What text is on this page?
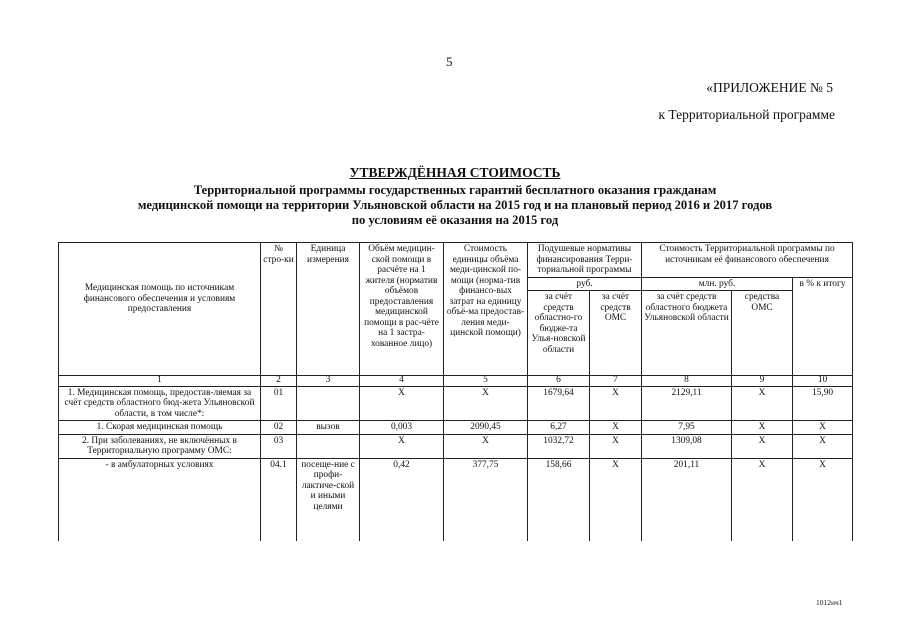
5
«ПРИЛОЖЕНИЕ № 5
к Территориальной программе
УТВЕРЖДЁННАЯ СТОИМОСТЬ
Территориальной программы государственных гарантий бесплатного оказания гражданам
медицинской помощи на территории Ульяновской области на 2015 год и на плановый период 2016 и 2017 годов
по условиям её оказания на 2015 год
Медицинская помощь по источникам финансового обеспечения и условиям предоставления	№ стро-ки	Единица измерения	Объём медицин-ской помощи в расчёте на 1 жителя (норматив объёмов предоставления медицинской помощи в рас-чёте на 1 застра-хованное лицо)	Стоимость единицы объёма меди-цинской по-мощи (норма-тив финансо-вых затрат на единицу объё-ма предостав-ления меди-цинской помощи)	Подушевые нормативы финансирования Терри-ториальной программы		Стоимость Территориальной программы по источникам её финансового обеспечения		
					руб.		млн. руб.		в % к итогу
					за счёт средств областно-го бюдже-та Улья-новской области	за счёт средств ОМС	за счёт средств областного бюджета Ульяновской области	средства ОМС	
1	2	3	4	5	6	7	8	9	10
1. Медицинская помощь, предостав-ляемая за счёт средств областного бюд-жета Ульяновской области, в том числе*:	01		X	X	1679,64	X	2129,11	X	15,90
1. Скорая медицинская помощь	02	вызов	0,003	2090,45	6,27	X	7,95	X	X
2. При заболеваниях, не включённых в Территориальную программу ОМС:	03		X	X	1032,72	X	1309,08	X	X
- в амбулаторных условиях	04.1	посеще-ние с профи-лактиче-ской и иными целями	0,42	377,75	158,66	X	201,11	X	X
1012ич1
